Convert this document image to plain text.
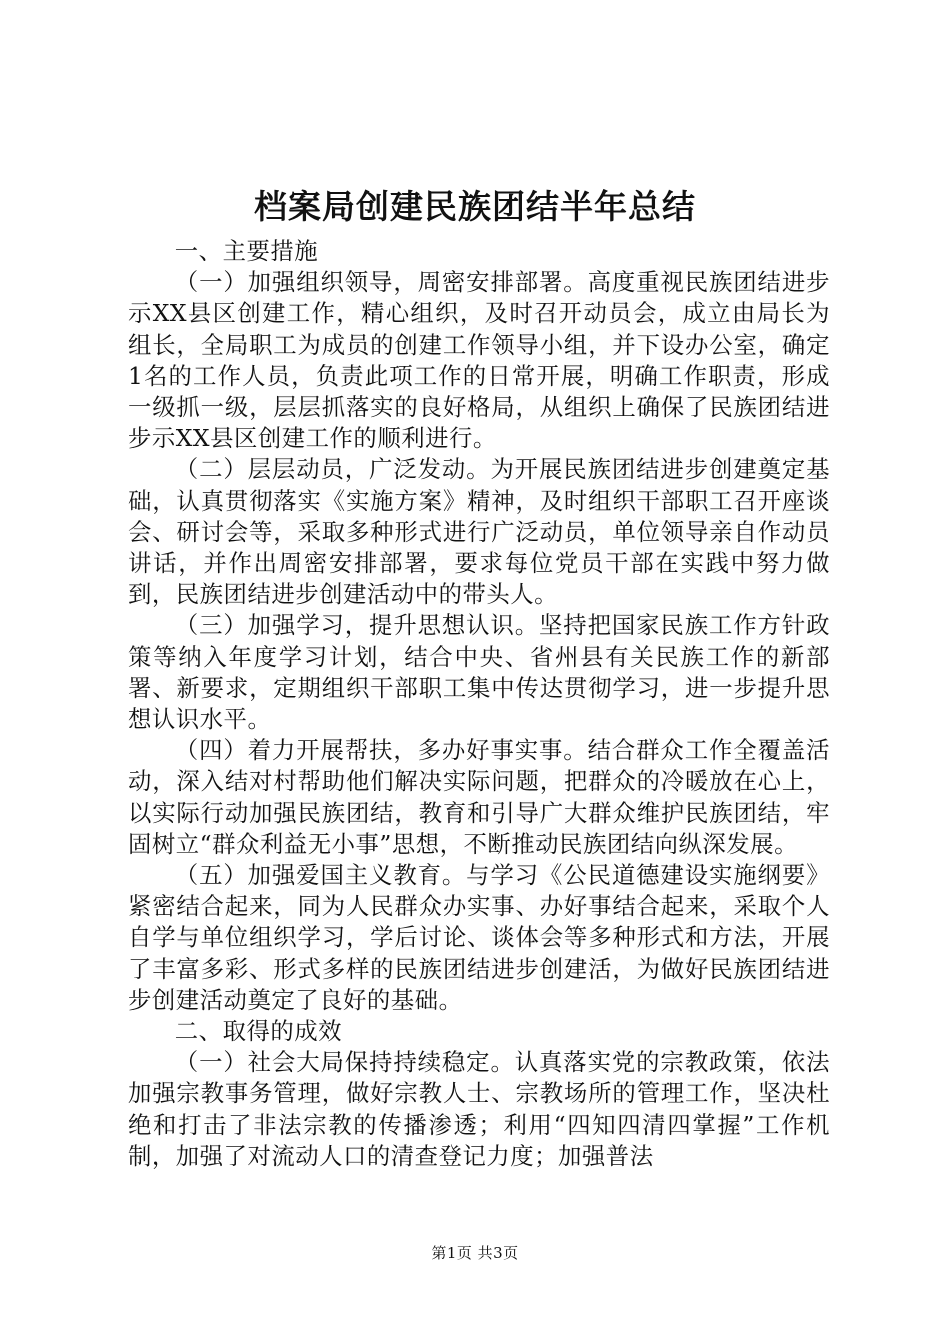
档案局创建民族团结半年总结

一、主要措施

（一）加强组织领导，周密安排部署。高度重视民族团结进步示XX县区创建工作，精心组织，及时召开动员会，成立由局长为组长，全局职工为成员的创建工作领导小组，并下设办公室，确定1名的工作人员，负责此项工作的日常开展，明确工作职责，形成一级抓一级，层层抓落实的良好格局，从组织上确保了民族团结进步示XX县区创建工作的顺利进行。

（二）层层动员，广泛发动。为开展民族团结进步创建奠定基础，认真贯彻落实《实施方案》精神，及时组织干部职工召开座谈会、研讨会等，采取多种形式进行广泛动员，单位领导亲自作动员讲话，并作出周密安排部署，要求每位党员干部在实践中努力做到，民族团结进步创建活动中的带头人。

（三）加强学习，提升思想认识。坚持把国家民族工作方针政策等纳入年度学习计划，结合中央、省州县有关民族工作的新部署、新要求，定期组织干部职工集中传达贯彻学习，进一步提升思想认识水平。

（四）着力开展帮扶，多办好事实事。结合群众工作全覆盖活动，深入结对村帮助他们解决实际问题，把群众的冷暖放在心上，以实际行动加强民族团结，教育和引导广大群众维护民族团结，牢固树立“群众利益无小事”思想，不断推动民族团结向纵深发展。

（五）加强爱国主义教育。与学习《公民道德建设实施纲要》紧密结合起来，同为人民群众办实事、办好事结合起来，采取个人自学与单位组织学习，学后讨论、谈体会等多种形式和方法，开展了丰富多彩、形式多样的民族团结进步创建活，为做好民族团结进步创建活动奠定了良好的基础。

二、取得的成效

（一）社会大局保持持续稳定。认真落实党的宗教政策，依法加强宗教事务管理，做好宗教人士、宗教场所的管理工作，坚决杜绝和打击了非法宗教的传播渗透；利用“四知四清四掌握”工作机制，加强了对流动人口的清查登记力度；加强普法

第1页 共3页
